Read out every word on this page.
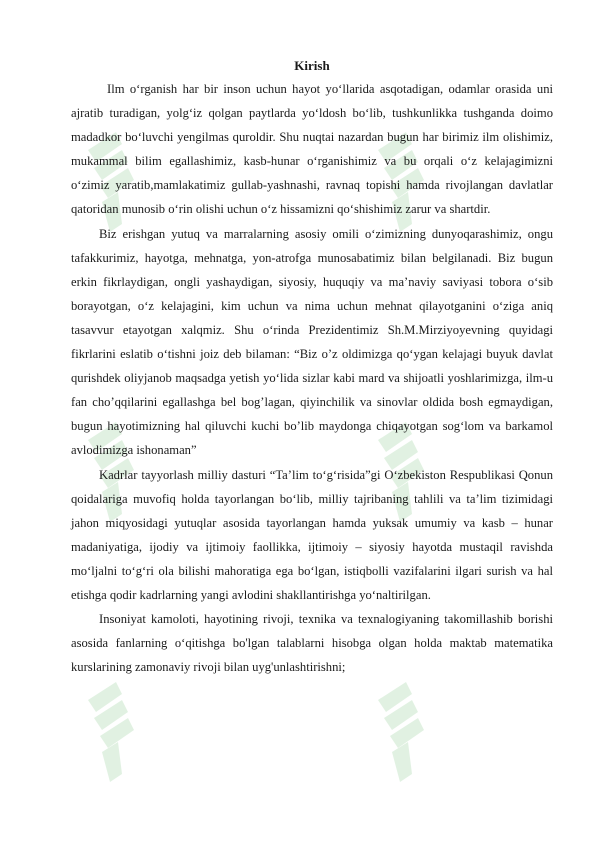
Kirish

Ilm o‘rganish har bir inson uchun hayot yo‘llarida asqotadigan, odamlar orasida uni ajratib turadigan, yolg‘iz qolgan paytlarda yo‘ldosh bo‘lib, tushkunlikka tushganda doimo madadkor bo‘luvchi yengilmas quroldir. Shu nuqtai nazardan bugun har birimiz ilm olishimiz, mukammal bilim egallashimiz, kasb-hunar o‘rganishimiz va bu orqali o‘z kelajagimizni o‘zimiz yaratib,mamlakatimiz gullab-yashnashi, ravnaq topishi hamda rivojlangan davlatlar qatoridan munosib o‘rin olishi uchun o‘z hissamizni qo‘shishimiz zarur va shartdir.

Biz erishgan yutuq va marralarning asosiy omili o‘zimizning dunyoqarashimiz, ongu tafakkurimiz, hayotga, mehnatga, yon-atrofga munosabatimiz bilan belgilanadi. Biz bugun erkin fikrlaydigan, ongli yashaydigan, siyosiy, huquqiy va ma’naviy saviyasi tobora o‘sib borayotgan, o‘z kelajagini, kim uchun va nima uchun mehnat qilayotganini o‘ziga aniq tasavvur etayotgan xalqmiz. Shu o‘rinda Prezidentimiz Sh.M.Mirziyoyevning quyidagi fikrlarini eslatib o‘tishni joiz deb bilaman: “Biz o’z oldimizga qo‘ygan kelajagi buyuk davlat qurishdek oliyjanob maqsadga yetish yo‘lida sizlar kabi mard va shijoatli yoshlarimizga, ilm-u fan cho’qqilarini egallashga bel bog’lagan, qiyinchilik va sinovlar oldida bosh egmaydigan, bugun hayotimizning hal qiluvchi kuchi bo’lib maydonga chiqayotgan sog‘lom va barkamol avlodimizga ishonaman”

Kadrlar tayyorlash milliy dasturi “Ta’lim to‘g‘risida”gi O‘zbekiston Respublikasi Qonun qoidalariga muvofiq holda tayorlangan bo‘lib, milliy tajribaning tahlili va ta’lim tizimidagi jahon miqyosidagi yutuqlar asosida tayorlangan hamda yuksak umumiy va kasb – hunar madaniyatiga, ijodiy va ijtimoiy faollikka, ijtimoiy – siyosiy hayotda mustaqil ravishda mo‘ljalni to‘g‘ri ola bilishi mahoratiga ega bo‘lgan, istiqbolli vazifalarini ilgari surish va hal etishga qodir kadrlarning yangi avlodini shakllantirishga yo‘naltirilgan.

Insoniyat kamoloti, hayotining rivoji, texnika va texnalogiyaning takomillashib borishi asosida fanlarning o‘qitishga bo'lgan talablarni hisobga olgan holda maktab matematika kurslarining zamonaviy rivoji bilan uyg'unlashtirishni;
